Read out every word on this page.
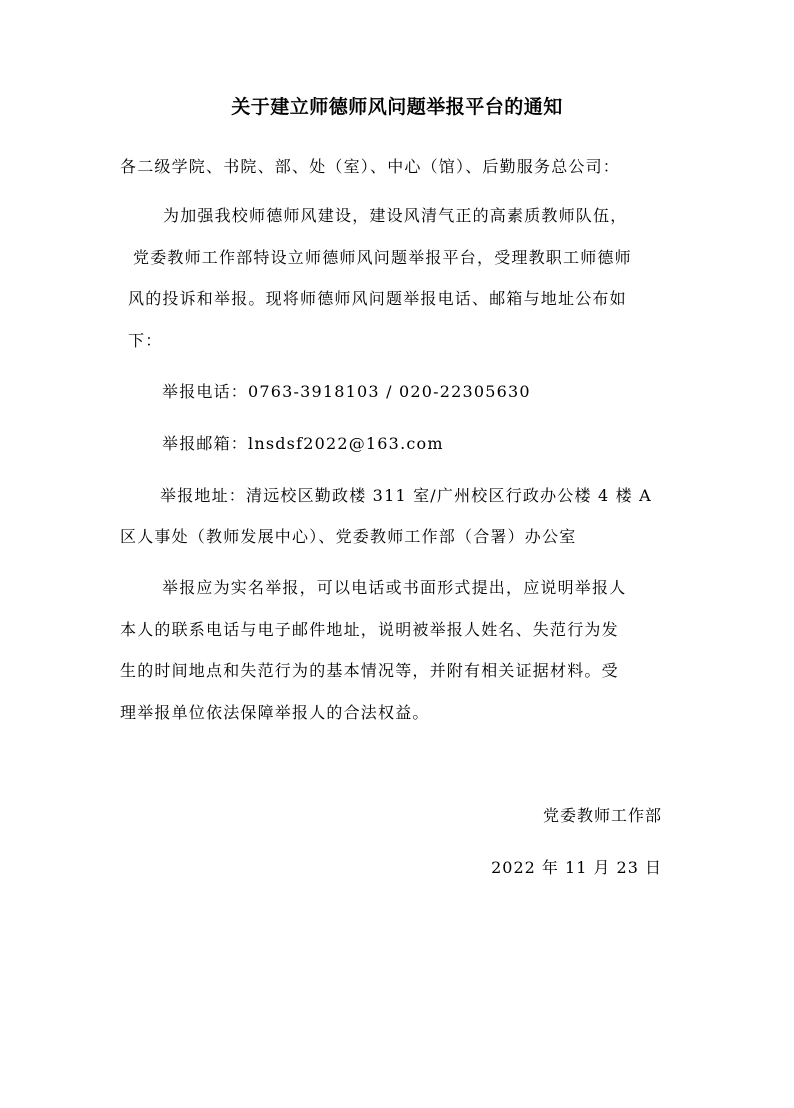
关于建立师德师风问题举报平台的通知

各二级学院、书院、部、处（室）、中心（馆）、后勤服务总公司：

为加强我校师德师风建设，建设风清气正的高素质教师队伍，

党委教师工作部特设立师德师风问题举报平台，受理教职工师德师

风的投诉和举报。现将师德师风问题举报电话、邮箱与地址公布如

下：

举报电话：0763-3918103 / 020-22305630

举报邮箱：lnsdsf2022@163.com

举报地址：清远校区勤政楼 311 室/广州校区行政办公楼 4 楼 A

区人事处（教师发展中心）、党委教师工作部（合署）办公室

举报应为实名举报，可以电话或书面形式提出，应说明举报人

本人的联系电话与电子邮件地址，说明被举报人姓名、失范行为发

生的时间地点和失范行为的基本情况等，并附有相关证据材料。受

理举报单位依法保障举报人的合法权益。

党委教师工作部
2022 年 11 月 23 日
